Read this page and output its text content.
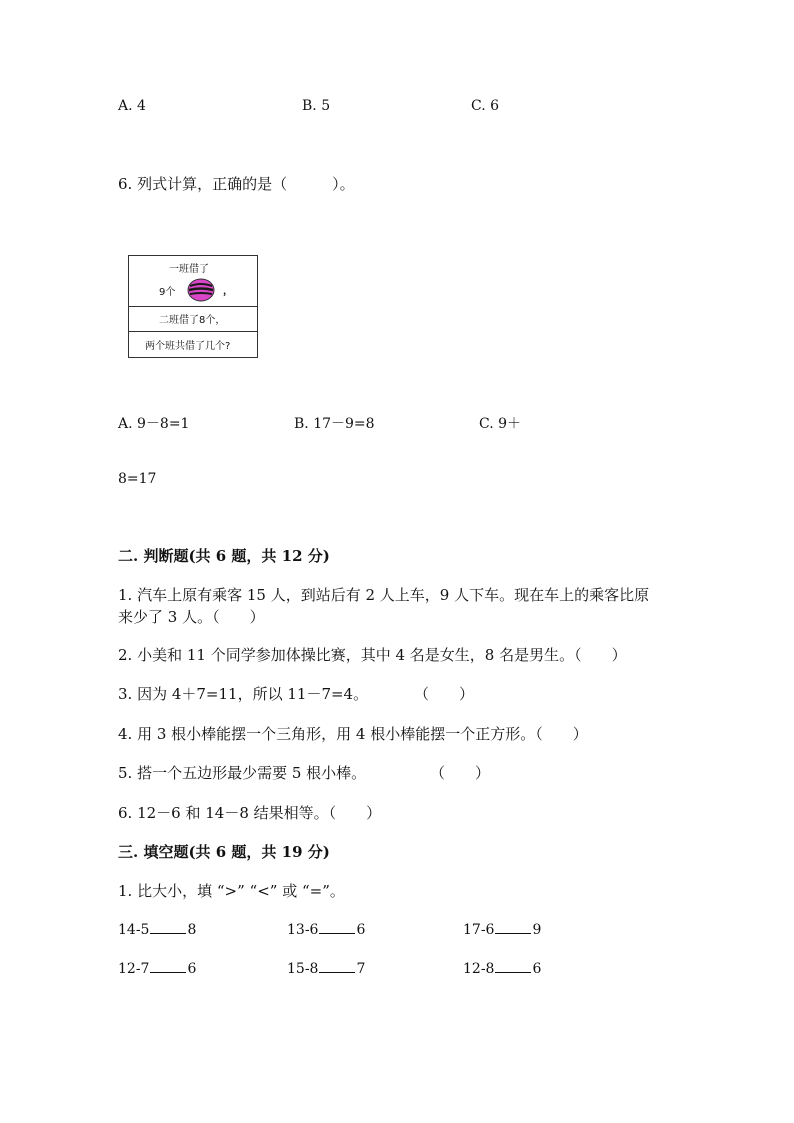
A. 4	B. 5	C. 6
6. 列式计算，正确的是（　　　）。
一班借了
9个	，
二班借了8个，
两个班共借了几个?
A. 9－8=1	B. 17－9=8	C. 9＋
8=17
二. 判断题(共 6 题，共 12 分)
1. 汽车上原有乘客 15 人，到站后有 2 人上车，9 人下车。现在车上的乘客比原
来少了 3 人。（　　）
2. 小美和 11 个同学参加体操比赛，其中 4 名是女生，8 名是男生。（　　）
3. 因为 4＋7=11，所以 11－7=4。	（　　）
4. 用 3 根小棒能摆一个三角形，用 4 根小棒能摆一个正方形。（　　）
5. 搭一个五边形最少需要 5 根小棒。	（　　）
6. 12－6 和 14－8 结果相等。（　　）
三. 填空题(共 6 题，共 19 分)
1. 比大小，填 “>” “<” 或 “=”。
14-5	8	13-6	6	17-6	9
12-7	6	15-8	7	12-8	6
